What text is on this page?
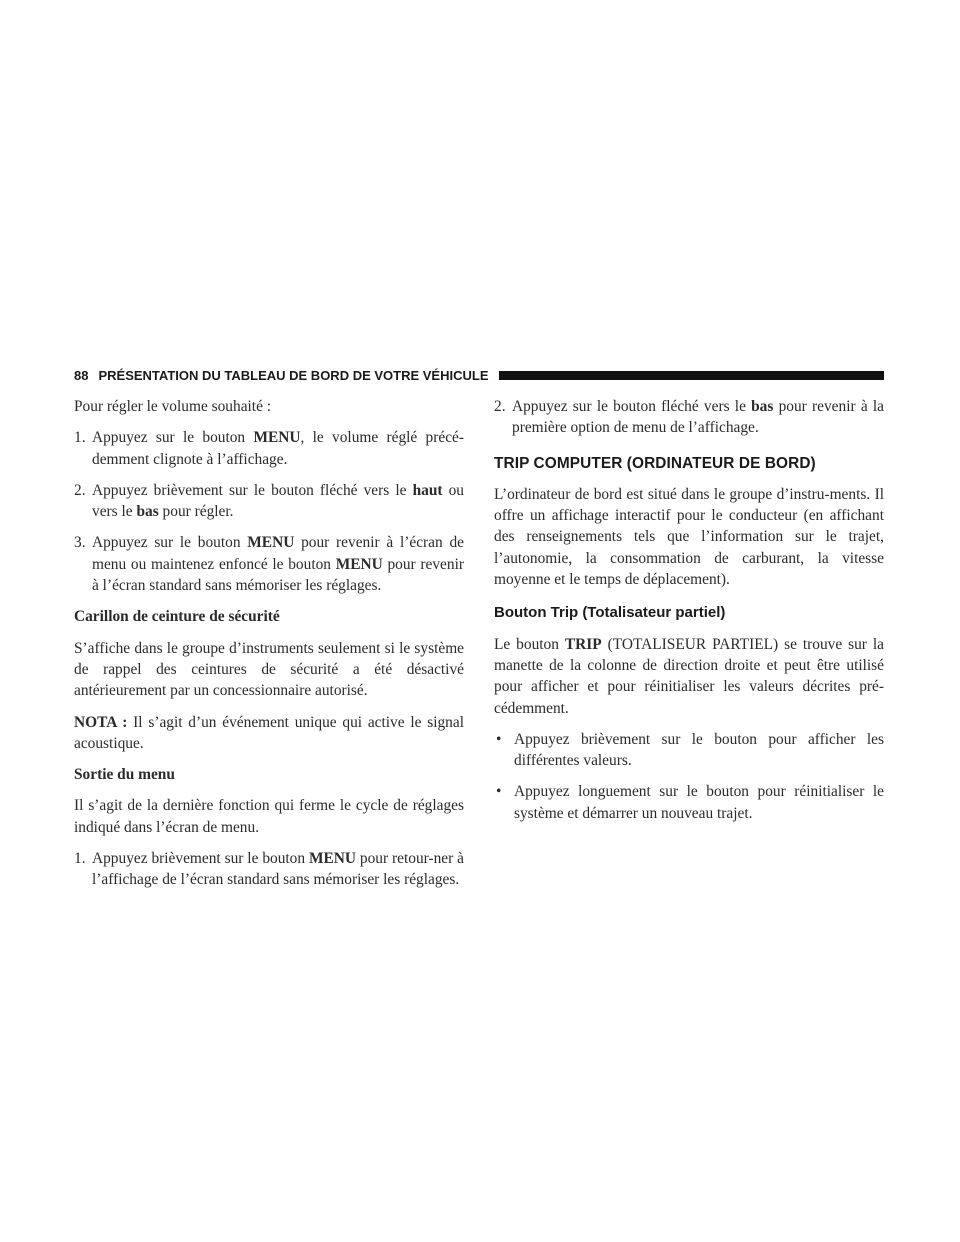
88 PRÉSENTATION DU TABLEAU DE BORD DE VOTRE VÉHICULE

Pour régler le volume souhaité :

1. Appuyez sur le bouton MENU, le volume réglé précé-demment clignote à l’affichage.
2. Appuyez brièvement sur le bouton fléché vers le haut ou vers le bas pour régler.
3. Appuyez sur le bouton MENU pour revenir à l’écran de menu ou maintenez enfoncé le bouton MENU pour revenir à l’écran standard sans mémoriser les réglages.
Carillon de ceinture de sécurité

S’affiche dans le groupe d’instruments seulement si le système de rappel des ceintures de sécurité a été désactivé antérieurement par un concessionnaire autorisé.

NOTA : Il s’agit d’un événement unique qui active le signal acoustique.

Sortie du menu

Il s’agit de la dernière fonction qui ferme le cycle de réglages indiqué dans l’écran de menu.

1. Appuyez brièvement sur le bouton MENU pour retour-ner à l’affichage de l’écran standard sans mémoriser les réglages.
2. Appuyez sur le bouton fléché vers le bas pour revenir à la première option de menu de l’affichage.
TRIP COMPUTER (ORDINATEUR DE BORD)

L’ordinateur de bord est situé dans le groupe d’instru-ments. Il offre un affichage interactif pour le conducteur (en affichant des renseignements tels que l’information sur le trajet, l’autonomie, la consommation de carburant, la vitesse moyenne et le temps de déplacement).

Bouton Trip (Totalisateur partiel)

Le bouton TRIP (TOTALISEUR PARTIEL) se trouve sur la manette de la colonne de direction droite et peut être utilisé pour afficher et pour réinitialiser les valeurs décrites pré-cédemment.

• Appuyez brièvement sur le bouton pour afficher les différentes valeurs.
• Appuyez longuement sur le bouton pour réinitialiser le système et démarrer un nouveau trajet.
